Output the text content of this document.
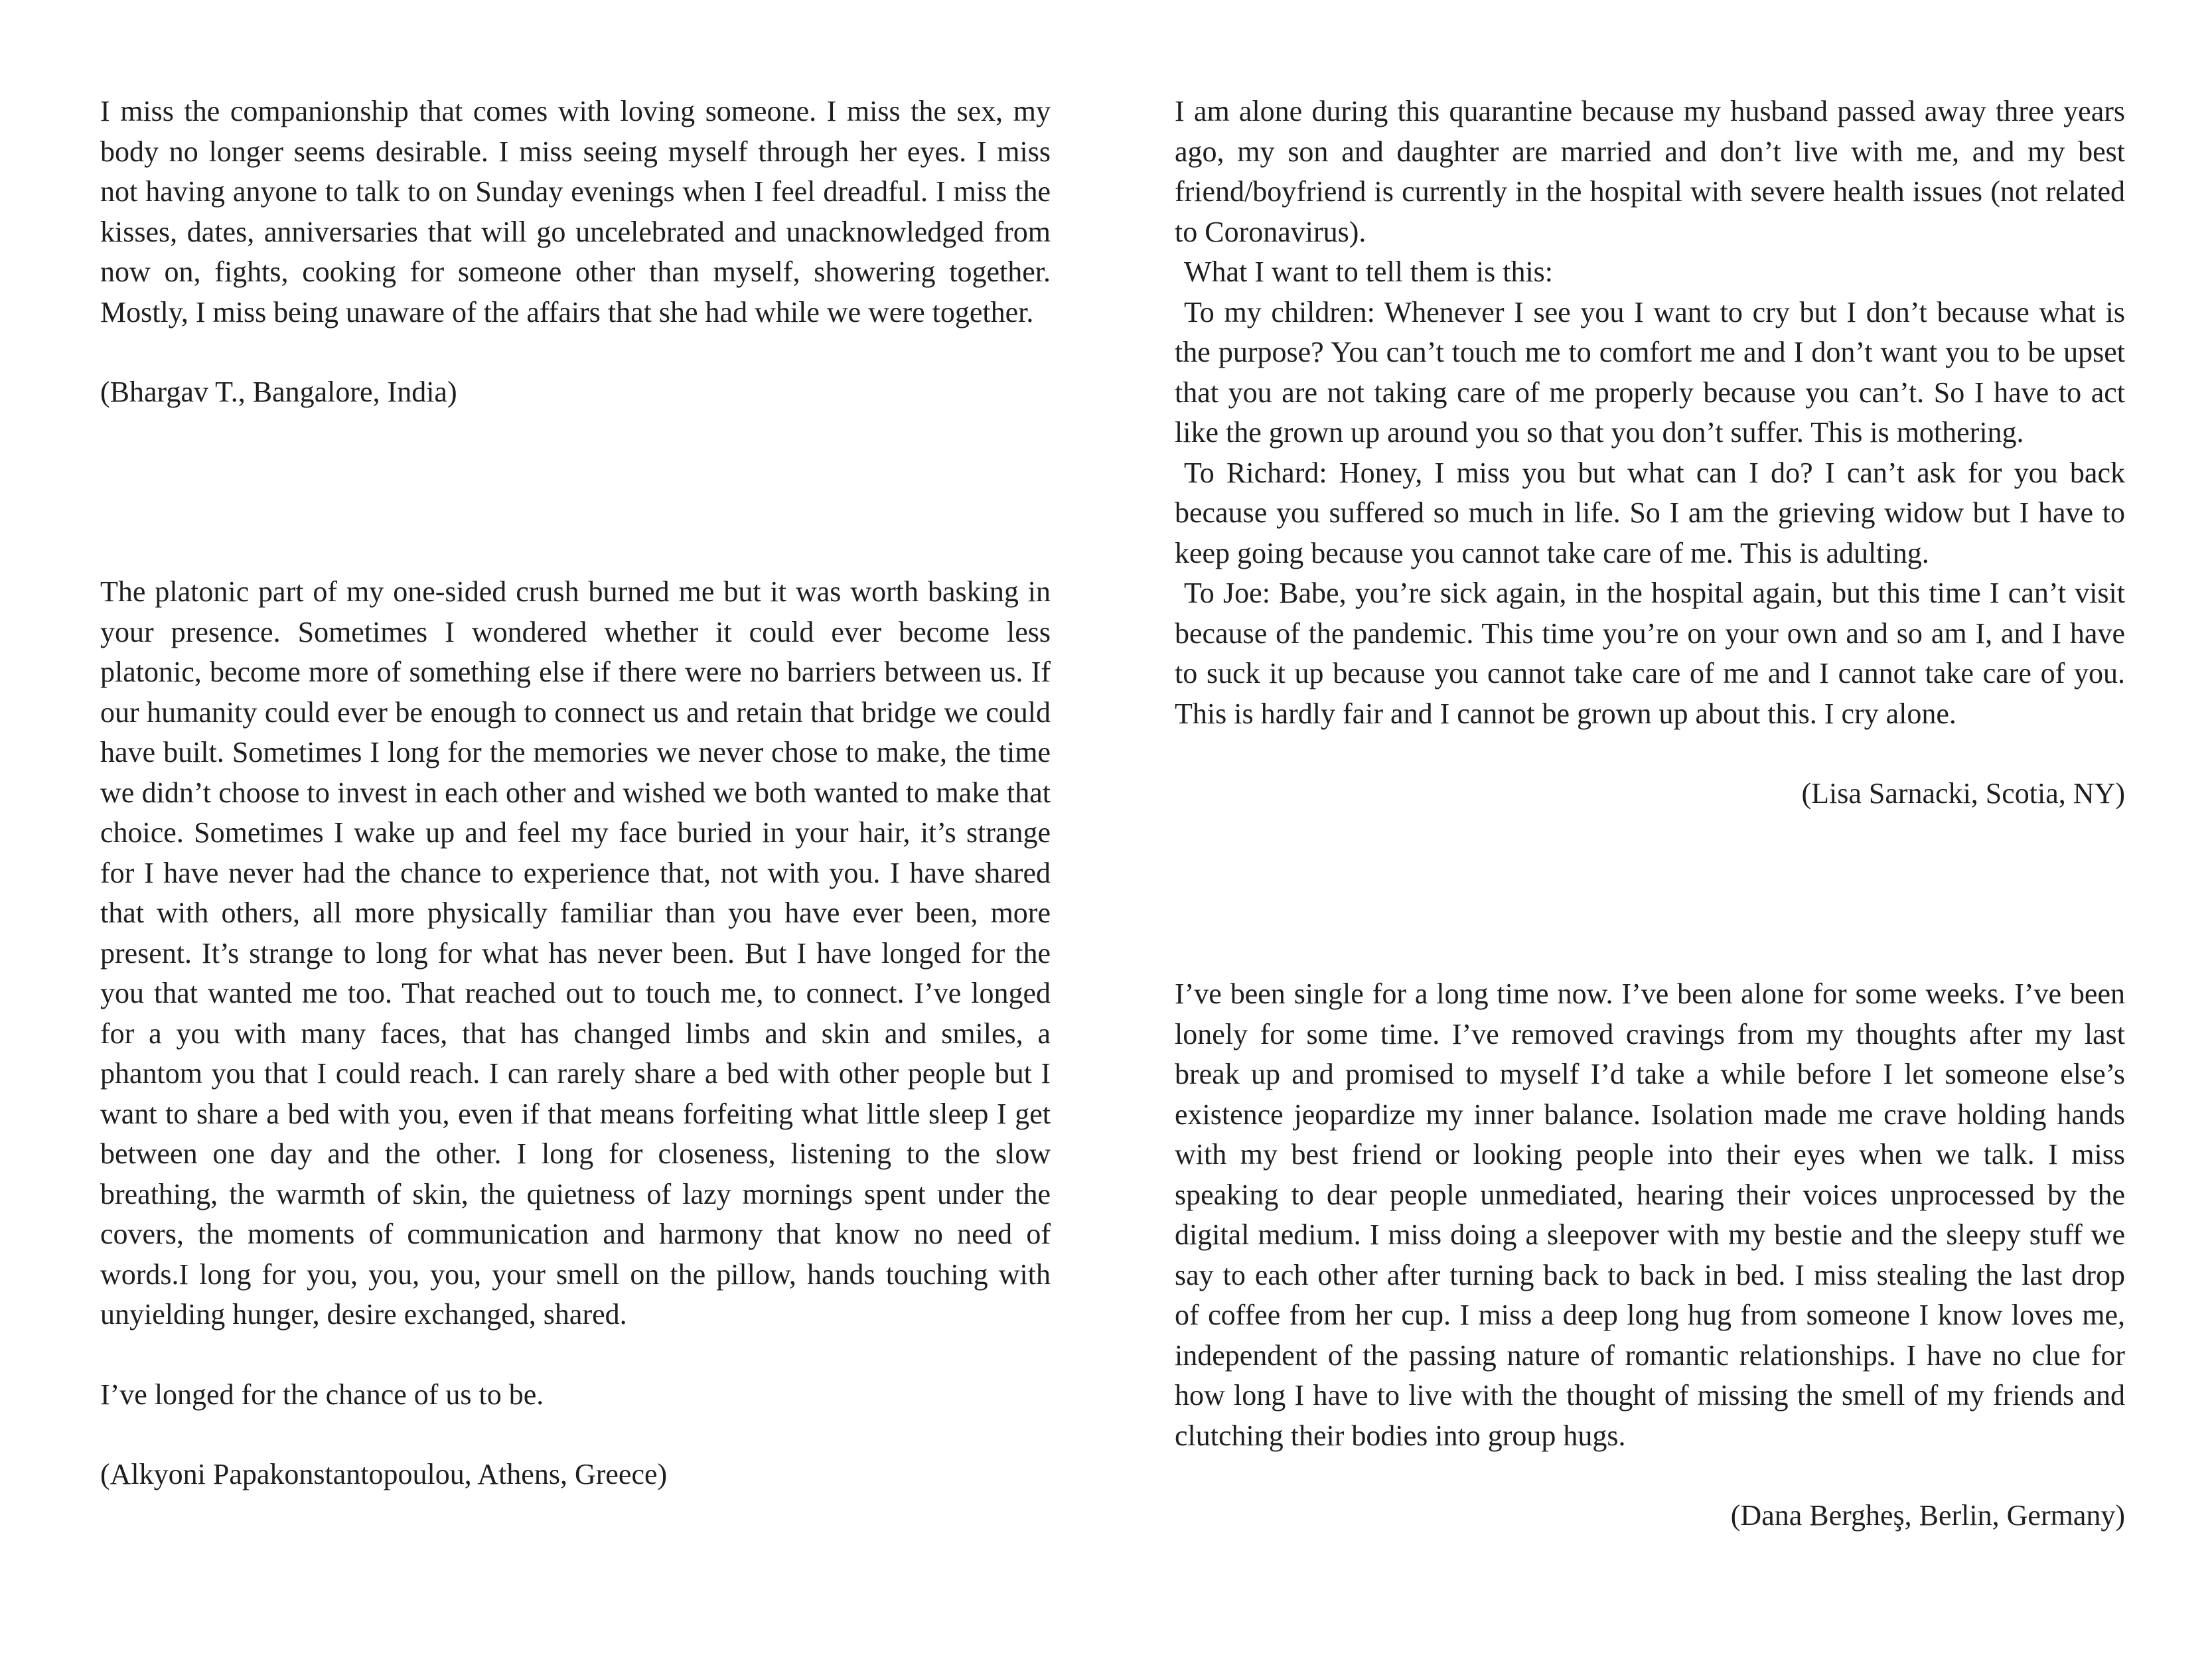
I miss the companionship that comes with loving someone. I miss the sex, my body no longer seems desirable. I miss seeing myself through her eyes. I miss not having anyone to talk to on Sunday evenings when I feel dreadful. I miss the kisses, dates, anniversaries that will go uncelebrated and unacknowledged from now on, fights, cooking for someone other than myself, showering together. Mostly, I miss being unaware of the affairs that she had while we were together.

(Bhargav T., Bangalore, India)

The platonic part of my one-sided crush burned me but it was worth basking in your presence. Sometimes I wondered whether it could ever become less platonic, become more of something else if there were no barriers between us. If our humanity could ever be enough to connect us and retain that bridge we could have built. Sometimes I long for the memories we never chose to make, the time we didn’t choose to invest in each other and wished we both wanted to make that choice. Sometimes I wake up and feel my face buried in your hair, it’s strange for I have never had the chance to experience that, not with you. I have shared that with others, all more physically familiar than you have ever been, more present. It’s strange to long for what has never been. But I have longed for the you that wanted me too. That reached out to touch me, to connect. I’ve longed for a you with many faces, that has changed limbs and skin and smiles, a phantom you that I could reach. I can rarely share a bed with other people but I want to share a bed with you, even if that means forfeiting what little sleep I get between one day and the other. I long for closeness, listening to the slow breathing, the warmth of skin, the quietness of lazy mornings spent under the covers, the moments of communication and harmony that know no need of words.I long for you, you, you, your smell on the pillow, hands touching with unyielding hunger, desire exchanged, shared.

I’ve longed for the chance of us to be.

(Alkyoni Papakonstantopoulou, Athens, Greece)

I am alone during this quarantine because my husband passed away three years ago, my son and daughter are married and don’t live with me, and my best friend/boyfriend is currently in the hospital with severe health issues (not related to Coronavirus).

What I want to tell them is this:

To my children: Whenever I see you I want to cry but I don’t because what is the purpose? You can’t touch me to comfort me and I don’t want you to be upset that you are not taking care of me properly because you can’t. So I have to act like the grown up around you so that you don’t suffer. This is mothering.

To Richard: Honey, I miss you but what can I do? I can’t ask for you back because you suffered so much in life. So I am the grieving widow but I have to keep going because you cannot take care of me. This is adulting.

To Joe: Babe, you’re sick again, in the hospital again, but this time I can’t visit because of the pandemic. This time you’re on your own and so am I, and I have to suck it up because you cannot take care of me and I cannot take care of you. This is hardly fair and I cannot be grown up about this. I cry alone.

(Lisa Sarnacki, Scotia, NY)

I’ve been single for a long time now. I’ve been alone for some weeks. I’ve been lonely for some time. I’ve removed cravings from my thoughts after my last break up and promised to myself I’d take a while before I let someone else’s existence jeopardize my inner balance. Isolation made me crave holding hands with my best friend or looking people into their eyes when we talk. I miss speaking to dear people unmediated, hearing their voices unprocessed by the digital medium. I miss doing a sleepover with my bestie and the sleepy stuff we say to each other after turning back to back in bed. I miss stealing the last drop of coffee from her cup. I miss a deep long hug from someone I know loves me, independent of the passing nature of romantic relationships. I have no clue for how long I have to live with the thought of missing the smell of my friends and clutching their bodies into group hugs.

(Dana Bergheş, Berlin, Germany)
